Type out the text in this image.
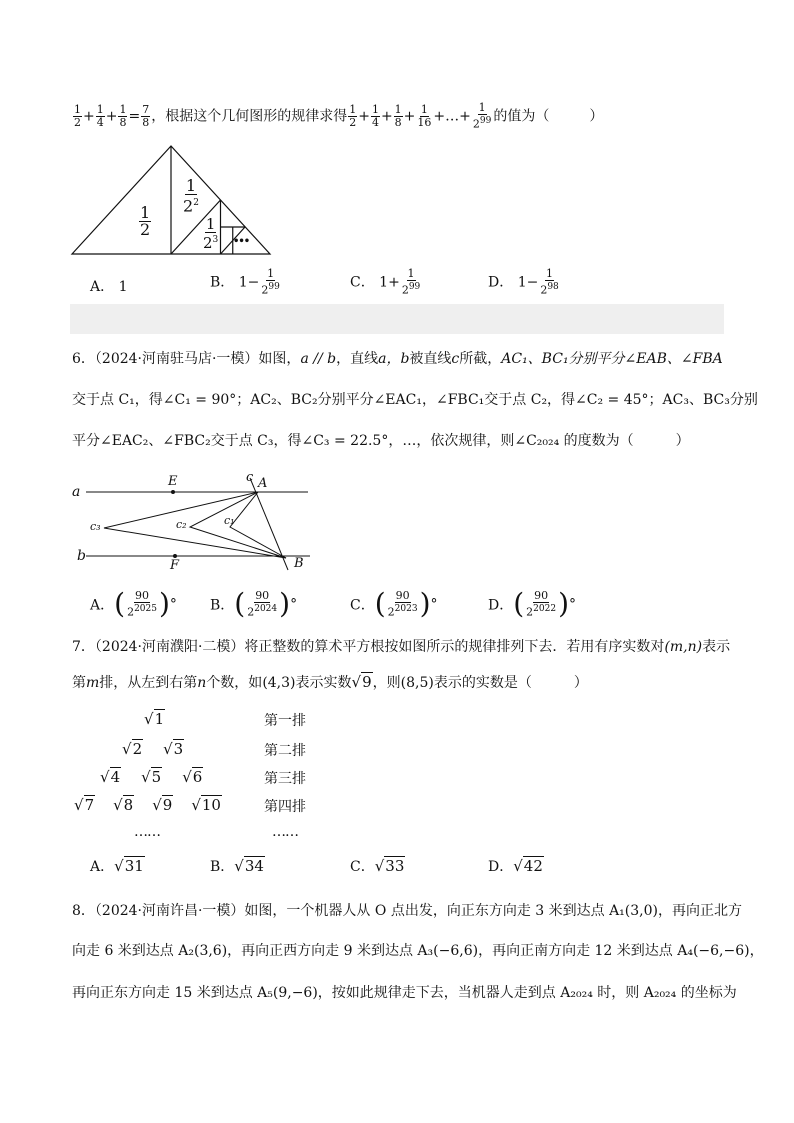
$\frac{1}{2} + \frac{1}{4} + \frac{1}{8} = \frac{7}{8}$ ，根据这个几何图形的规律求得 $\frac{1}{2} + \frac{1}{4} + \frac{1}{8} + \frac{1}{16}$ +…+ $\frac{1}{2^{99}}$ 的值为（	）
$\frac{1}{2}$
$\frac{1}{2^2}$
$\frac{1}{2^3}$ •••
A． 1	B． $1- \frac{1}{2^{99}}$	C． $1+ \frac{1}{2^{99}}$	D． $1- \frac{1}{2^{98}}$
6．（2024·河南驻马店·一模）如图，a // b，直线a，b被直线c所截，AC₁、BC₁分别平分∠EAB、∠FBA
交于点 C₁，得∠C₁ = 90°；AC₂、BC₂分别平分∠EAC₁，∠FBC₁交于点 C₂，得∠C₂ = 45°；AC₃、BC₃分别
平分∠EAC₂、∠FBC₂交于点 C₃，得∠C₃ = 22.5°，…，依次规律，则∠C₂₀₂₄ 的度数为（　　　）
a
b
c
E
F
A
B
c₁
c₂
c₃
A． ( $\frac{90}{2^{2025}}$ ) ° B． ( $\frac{90}{2^{2024}}$ ) °	C． ( $\frac{90}{2^{2023}}$ ) °	D． ( $\frac{90}{2^{2022}}$ ) °
7．（2024·河南濮阳·二模）将正整数的算术平方根按如图所示的规律排列下去．若用有序实数对(m,n)表示
第m排，从左到右第n个数，如(4,3)表示实数√9，则(8,5)表示的实数是（　　　）
√1
√2 √3
√4 √5 √6
√7 √8 √9 √10
……
第一排
第二排
第三排
第四排
……
A．√31	B．√34	C．√33	D．√42
8．（2024·河南许昌·一模）如图，一个机器人从 O 点出发，向正东方向走 3 米到达点 A₁(3,0)，再向正北方
向走 6 米到达点 A₂(3,6)，再向正西方向走 9 米到达点 A₃(−6,6)，再向正南方向走 12 米到达点 A₄(−6,−6)，
再向正东方向走 15 米到达点 A₅(9,−6)，按如此规律走下去，当机器人走到点 A₂₀₂₄ 时，则 A₂₀₂₄ 的坐标为
